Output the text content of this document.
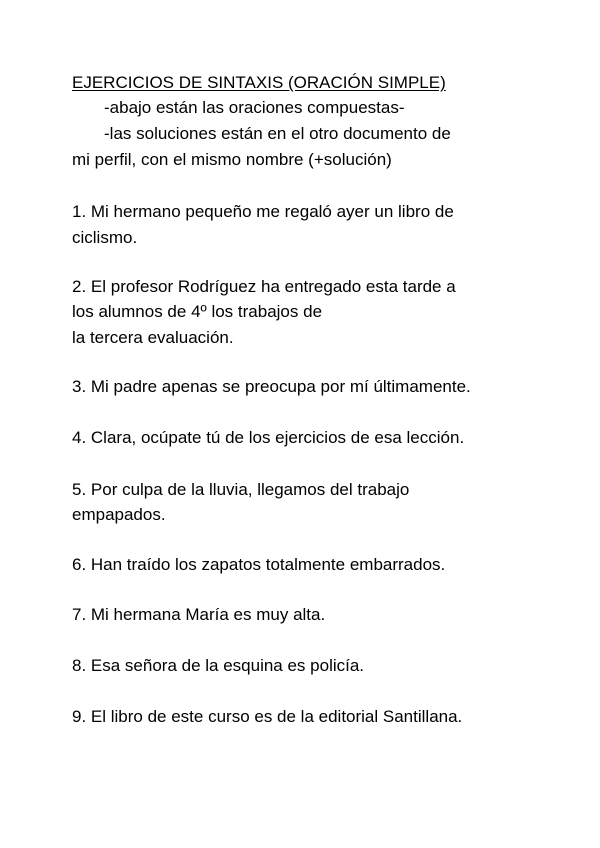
EJERCICIOS DE SINTAXIS (ORACIÓN SIMPLE)
-abajo están las oraciones compuestas-
-las soluciones están en el otro documento de
mi perfil, con el mismo nombre (+solución)
1. Mi hermano pequeño me regaló ayer un libro de
ciclismo.
2. El profesor Rodríguez ha entregado esta tarde a
los alumnos de 4º los trabajos de
la tercera evaluación.
3. Mi padre apenas se preocupa por mí últimamente.
4. Clara, ocúpate tú de los ejercicios de esa lección.
5. Por culpa de la lluvia, llegamos del trabajo
empapados.
6. Han traído los zapatos totalmente embarrados.
7. Mi hermana María es muy alta.
8. Esa señora de la esquina es policía.
9. El libro de este curso es de la editorial Santillana.
